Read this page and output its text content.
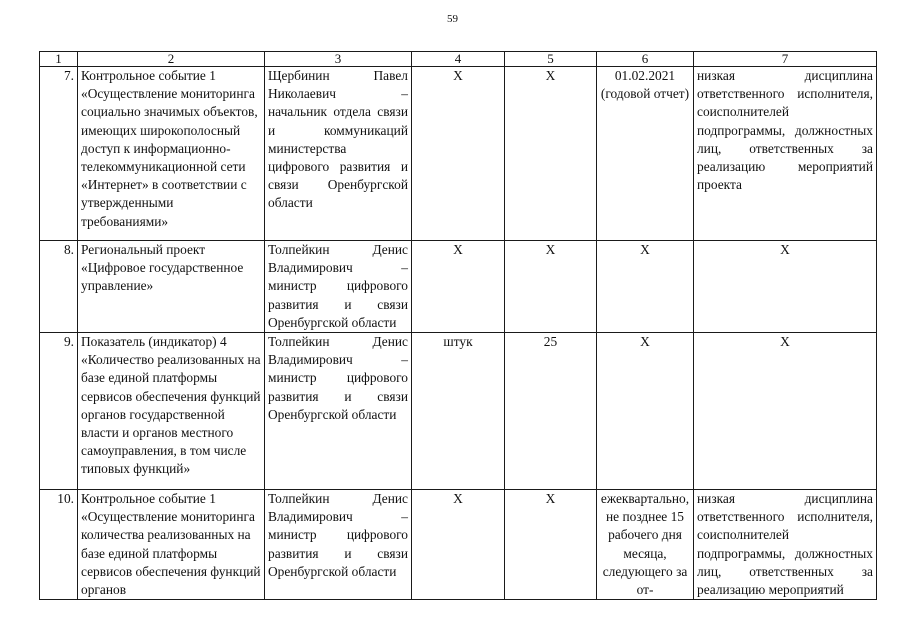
59
1	2	3	4	5	6	7
7.	Контрольное событие 1 «Осуществление мониторинга социально значимых объектов, имеющих широкополосный доступ к информационно-телекоммуникационной сети «Интернет» в соответствии с утвержденными требованиями»	Щербинин Павел Николаевич – начальник отдела связи и коммуникаций министерства цифрового развития и связи Оренбургской области	Х	Х	01.02.2021 (годовой отчет)	низкая дисциплина ответственного исполнителя, соисполнителей подпрограммы, должностных лиц, ответственных за реализацию мероприятий проекта
8.	Региональный проект «Цифровое государственное управление»	Толпейкин Денис Владимирович – министр цифрового развития и связи Оренбургской области	Х	Х	Х	Х
9.	Показатель (индикатор) 4 «Количество реализованных на базе единой платформы сервисов обеспечения функций органов государственной власти и органов местного самоуправления, в том числе типовых функций»	Толпейкин Денис Владимирович – министр цифрового развития и связи Оренбургской области	штук	25	Х	Х
10.	Контрольное событие 1 «Осуществление мониторинга количества реализованных на базе единой платформы сервисов обеспечения функций органов	Толпейкин Денис Владимирович – министр цифрового развития и связи Оренбургской области	Х	Х	ежеквартально, не позднее 15 рабочего дня месяца, следующего за от-	низкая дисциплина ответственного исполнителя, соисполнителей подпрограммы, должностных лиц, ответственных за реализацию мероприятий
